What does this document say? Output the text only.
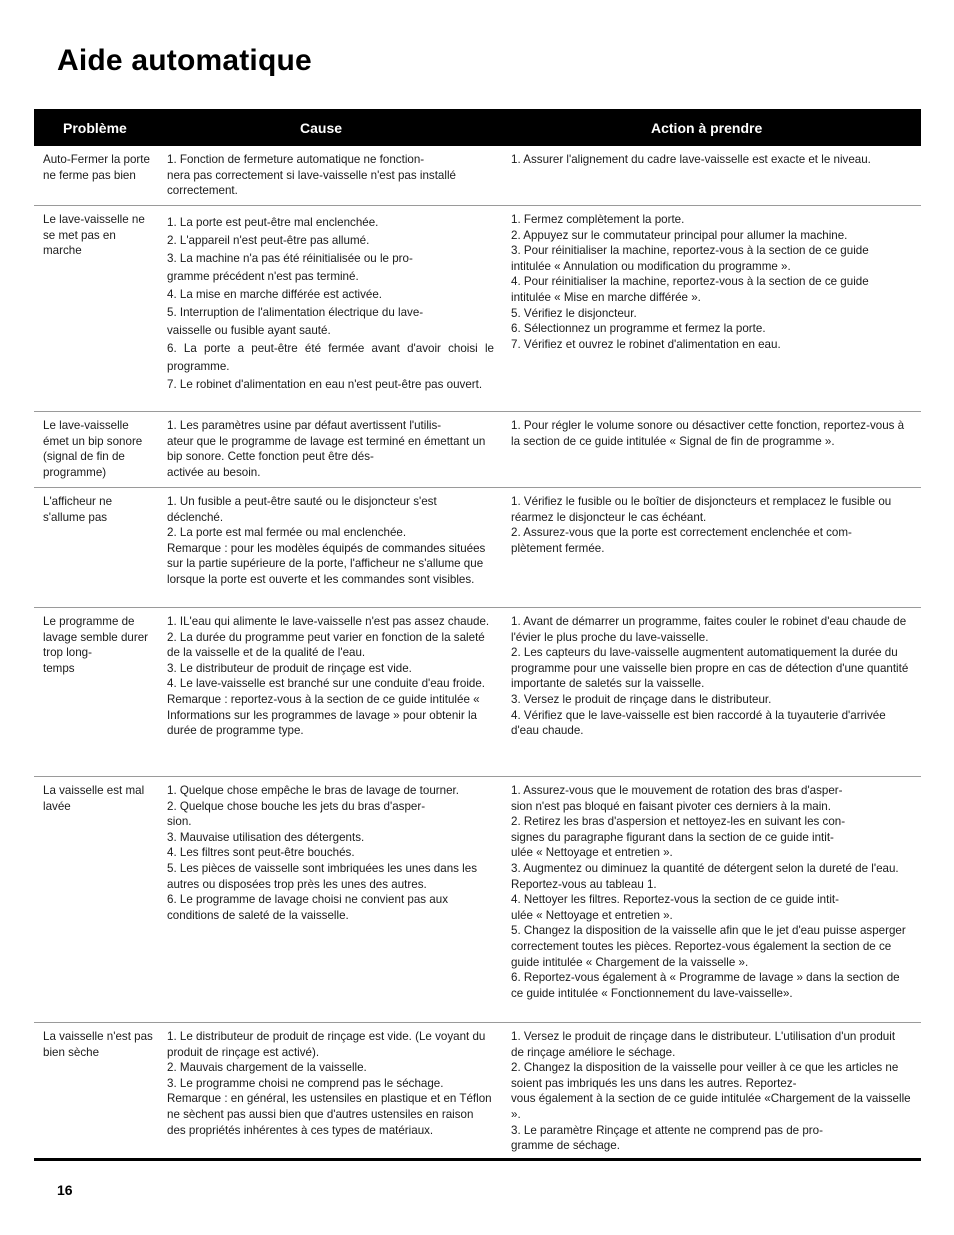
Aide automatique
Problème	Cause	Action à prendre
Auto-Fermer la porte ne ferme pas bien
1. Fonction de fermeture automatique ne fonction-
nera pas correctement si lave-vaisselle n'est pas installé correctement.
1. Assurer l'alignement du cadre lave-vaisselle est exacte et le niveau.
Le lave-vaisselle ne se met pas en marche
1. La porte est peut-être mal enclenchée.
2. L'appareil n'est peut-être pas allumé.
3. La machine n'a pas été réinitialisée ou le pro-
gramme précédent n'est pas terminé.
4. La mise en marche différée est activée.
5. Interruption de l'alimentation électrique du lave-
vaisselle ou fusible ayant sauté.
6. La porte a peut-être été fermée avant d'avoir choisi le programme.
7. Le robinet d'alimentation en eau n'est peut-être pas ouvert.
1. Fermez complètement la porte.
2. Appuyez sur le commutateur principal pour allumer la machine.
3. Pour réinitialiser la machine, reportez-vous à la section de ce guide intitulée « Annulation ou modification du programme ».
4. Pour réinitialiser la machine, reportez-vous à la section de ce guide intitulée « Mise en marche différée ».
5. Vérifiez le disjoncteur.
6. Sélectionnez un programme et fermez la porte.
7. Vérifiez et ouvrez le robinet d'alimentation en eau.
Le lave-vaisselle émet un bip sonore (signal de fin de programme)
1. Les paramètres usine par défaut avertissent l'utilis-
ateur que le programme de lavage est terminé en émettant un bip sonore. Cette fonction peut être dés-
activée au besoin.
1. Pour régler le volume sonore ou désactiver cette fonction, reportez-vous à la section de ce guide intitulée « Signal de fin de programme ».
L'afficheur ne s'allume pas
1. Un fusible a peut-être sauté ou le disjoncteur s'est déclenché.
2. La porte est mal fermée ou mal enclenchée.
Remarque : pour les modèles équipés de commandes situées sur la partie supérieure de la porte, l'afficheur ne s'allume que lorsque la porte est ouverte et les commandes sont visibles.
1. Vérifiez le fusible ou le boîtier de disjoncteurs et remplacez le fusible ou réarmez le disjoncteur le cas échéant.
2. Assurez-vous que la porte est correctement enclenchée et com-
plètement fermée.
Le programme de lavage semble durer trop long-
temps
1. IL'eau qui alimente le lave-vaisselle n'est pas assez chaude.
2. La durée du programme peut varier en fonction de la saleté de la vaisselle et de la qualité de l'eau.
3. Le distributeur de produit de rinçage est vide.
4. Le lave-vaisselle est branché sur une conduite d'eau froide.
Remarque : reportez-vous à la section de ce guide intitulée « Informations sur les programmes de lavage » pour obtenir la durée de programme type.
1. Avant de démarrer un programme, faites couler le robinet d'eau chaude de l'évier le plus proche du lave-vaisselle.
2. Les capteurs du lave-vaisselle augmentent automatiquement la durée du programme pour une vaisselle bien propre en cas de détection d'une quantité importante de saletés sur la vaisselle.
3. Versez le produit de rinçage dans le distributeur.
4. Vérifiez que le lave-vaisselle est bien raccordé à la tuyauterie d'arrivée d'eau chaude.
La vaisselle est mal lavée
1. Quelque chose empêche le bras de lavage de tourner.
2. Quelque chose bouche les jets du bras d'asper-
sion.
3. Mauvaise utilisation des détergents.
4. Les filtres sont peut-être bouchés.
5. Les pièces de vaisselle sont imbriquées les unes dans les autres ou disposées trop près les unes des autres.
6. Le programme de lavage choisi ne convient pas aux conditions de saleté de la vaisselle.
1. Assurez-vous que le mouvement de rotation des bras d'asper-
sion n'est pas bloqué en faisant pivoter ces derniers à la main.
2. Retirez les bras d'aspersion et nettoyez-les en suivant les con-
signes du paragraphe figurant dans la section de ce guide intit-
ulée « Nettoyage et entretien ».
3. Augmentez ou diminuez la quantité de détergent selon la dureté de l'eau. Reportez-vous au tableau 1.
4. Nettoyer les filtres. Reportez-vous la section de ce guide intit-
ulée « Nettoyage et entretien ».
5. Changez la disposition de la vaisselle afin que le jet d'eau puisse asperger correctement toutes les pièces. Reportez-vous également la section de ce guide intitulée « Chargement de la vaisselle ».
6. Reportez-vous également à « Programme de lavage » dans la section de ce guide intitulée « Fonctionnement du lave-vaisselle».
La vaisselle n'est pas bien sèche
1. Le distributeur de produit de rinçage est vide. (Le voyant du produit de rinçage est activé).
2. Mauvais chargement de la vaisselle.
3. Le programme choisi ne comprend pas le séchage.
Remarque : en général, les ustensiles en plastique et en Téflon ne sèchent pas aussi bien que d'autres ustensiles en raison des propriétés inhérentes à ces types de matériaux.
1. Versez le produit de rinçage dans le distributeur. L'utilisation d'un produit de rinçage améliore le séchage.
2. Changez la disposition de la vaisselle pour veiller à ce que les articles ne soient pas imbriqués les uns dans les autres. Reportez-
vous également à la section de ce guide intitulée «Chargement de la vaisselle ».
3. Le paramètre Rinçage et attente ne comprend pas de pro-
gramme de séchage.
16
